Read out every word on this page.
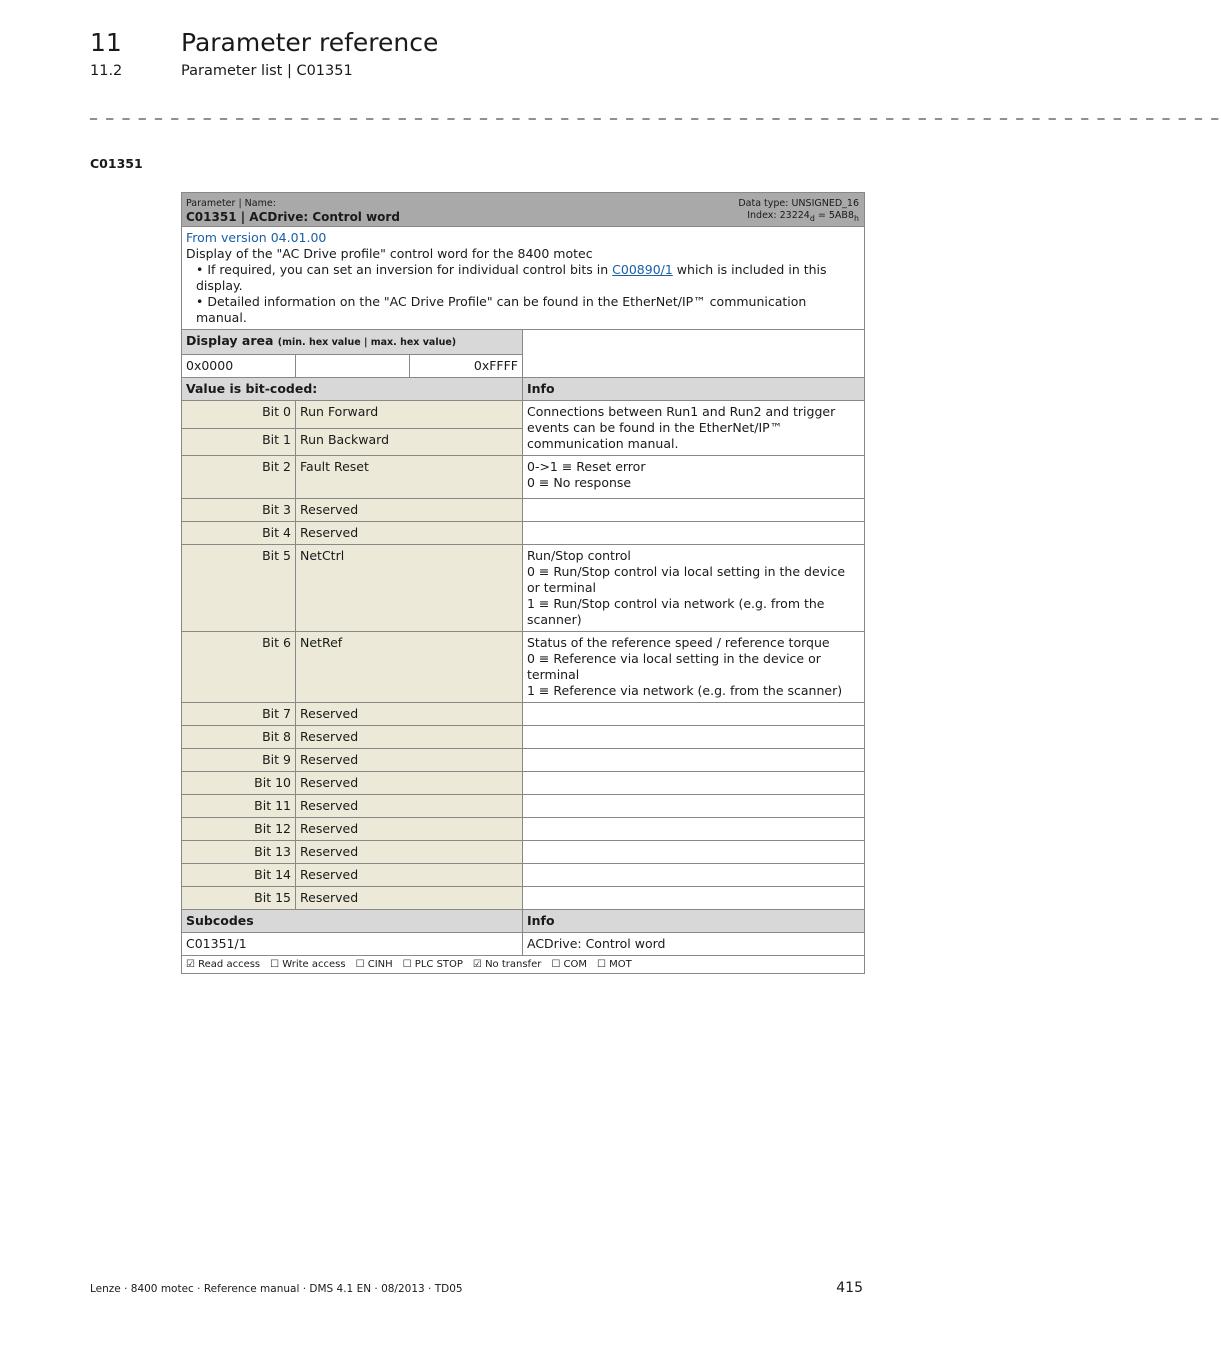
11 Parameter reference
11.2	Parameter list | C01351
_ _ _ _ _ _ _ _ _ _ _ _ _ _ _ _ _ _ _ _ _ _ _ _ _ _ _ _ _ _ _ _ _ _ _ _ _ _ _ _ _ _ _ _ _ _ _ _ _ _ _ _ _ _ _ _ _ _ _ _ _ _ _ _ _ _ _ _ _ _
C01351
Parameter | Name:
C01351 | ACDrive: Control word
Data type: UNSIGNED_16
Index: $23224_d = 5AB8_h$

From version 04.01.00
Display of the "AC Drive profile" control word for the 8400 motec
• If required, you can set an inversion for individual control bits in C00890/1 which is included in this display.
• Detailed information on the "AC Drive Profile" can be found in the EtherNet/IP™ communication manual.			

Display area (min. hex value | max. hex value)			
0x0000		0xFFFF	
Value is bit-coded:			Info
Bit 0	Run Forward		Connections between Run1 and Run2 and trigger events can be found in the EtherNet/IP™ communication manual.
Bit 1	Run Backward		
Bit 2	Fault Reset		0->1 ≡ Reset error
0 ≡ No response

Bit 3	Reserved		
Bit 4	Reserved		
Bit 5	NetCtrl		Run/Stop control
0 ≡ Run/Stop control via local setting in the device or terminal
1 ≡ Run/Stop control via network (e.g. from the scanner)

Bit 6	NetRef		Status of the reference speed / reference torque
0 ≡ Reference via local setting in the device or terminal
1 ≡ Reference via network (e.g. from the scanner)

Bit 7	Reserved		
Bit 8	Reserved		
Bit 9	Reserved		
Bit 10	Reserved		
Bit 11	Reserved		
Bit 12	Reserved		
Bit 13	Reserved		
Bit 14	Reserved		
Bit 15	Reserved		
Subcodes			Info
C01351/1			ACDrive: Control word
☑ Read access ☐ Write access ☐ CINH ☐ PLC STOP ☑ No transfer ☐ COM ☐ MOT			
Lenze · 8400 motec · Reference manual · DMS 4.1 EN · 08/2013 · TD05	415
